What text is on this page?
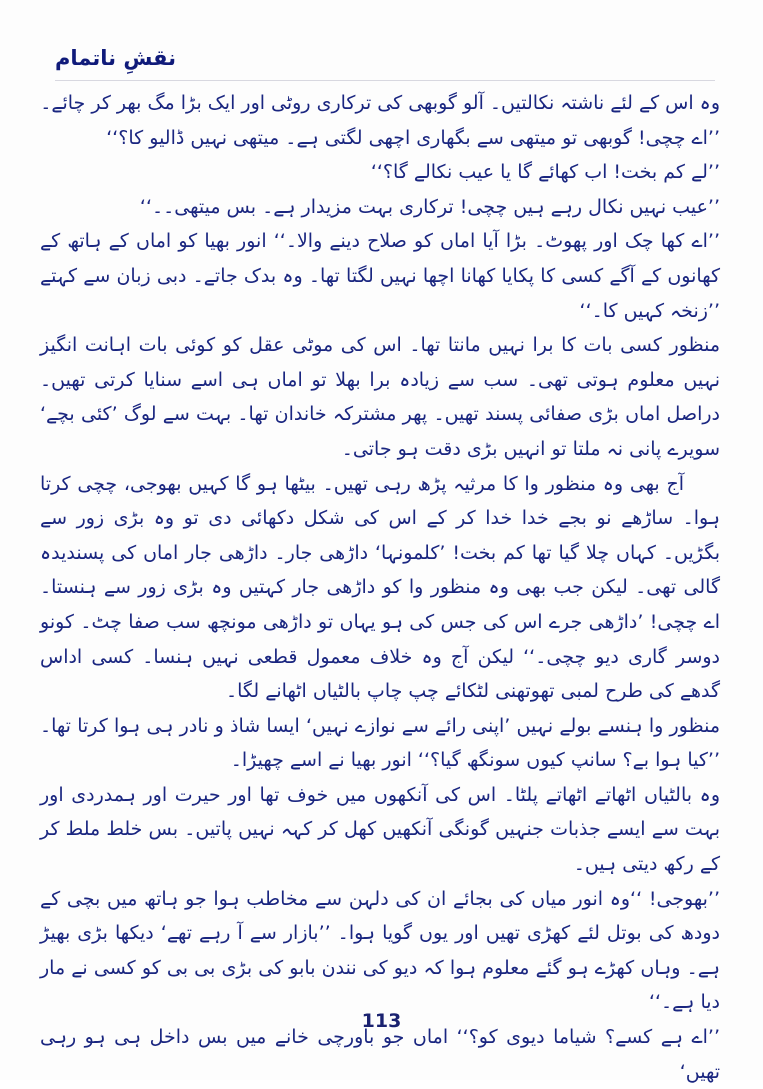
نقشِ ناتمام

وہ اس کے لئے ناشتہ نکالتیں۔ آلو گوبھی کی ترکاری روٹی اور ایک بڑا مگ بھر کر چائے۔

’’اے چچی! گوبھی تو میتھی سے بگھاری اچھی لگتی ہے۔ میتھی نہیں ڈالیو کا؟‘‘

’’لے کم بخت! اب کھائے گا یا عیب نکالے گا؟‘‘

’’عیب نہیں نکال رہے ہیں چچی! ترکاری بہت مزیدار ہے۔ بس میتھی۔۔‘‘

’’اے کھا چک اور پھوٹ۔ بڑا آیا اماں کو صلاح دینے والا۔‘‘ انور بھیا کو اماں کے ہاتھ کے کھانوں کے آگے کسی کا پکایا کھانا اچھا نہیں لگتا تھا۔ وہ بدک جاتے۔ دبی زبان سے کہتے ’’زنخہ کہیں کا۔‘‘

منظور کسی بات کا برا نہیں مانتا تھا۔ اس کی موٹی عقل کو کوئی بات اہانت انگیز نہیں معلوم ہوتی تھی۔ سب سے زیادہ برا بھلا تو اماں ہی اسے سنایا کرتی تھیں۔ دراصل اماں بڑی صفائی پسند تھیں۔ پھر مشترکہ خاندان تھا۔ بہت سے لوگ ’کئی بچے‘ سویرے پانی نہ ملتا تو انہیں بڑی دقت ہو جاتی۔

آج بھی وہ منظور وا کا مرثیہ پڑھ رہی تھیں۔ بیٹھا ہو گا کہیں بھوجی، چچی کرتا ہوا۔ ساڑھے نو بجے خدا خدا کر کے اس کی شکل دکھائی دی تو وہ بڑی زور سے بگڑیں۔ کہاں چلا گیا تھا کم بخت! ’کلمونہا‘ داڑھی جار۔ داڑھی جار اماں کی پسندیدہ گالی تھی۔ لیکن جب بھی وہ منظور وا کو داڑھی جار کہتیں وہ بڑی زور سے ہنستا۔ اے چچی! ’داڑھی جرے اس کی جس کی ہو یہاں تو داڑھی مونچھ سب صفا چٹ۔ کونو دوسر گاری دیو چچی۔‘‘ لیکن آج وہ خلاف معمول قطعی نہیں ہنسا۔ کسی اداس گدھے کی طرح لمبی تھوتھنی لٹکائے چپ چاپ بالٹیاں اٹھانے لگا۔

منظور وا ہنسے بولے نہیں ’اپنی رائے سے نوازے نہیں‘ ایسا شاذ و نادر ہی ہوا کرتا تھا۔ ’’کیا ہوا بے؟ سانپ کیوں سونگھ گیا؟‘‘ انور بھیا نے اسے چھیڑا۔

وہ بالٹیاں اٹھاتے اٹھاتے پلٹا۔ اس کی آنکھوں میں خوف تھا اور حیرت اور ہمدردی اور بہت سے ایسے جذبات جنہیں گونگی آنکھیں کھل کر کہہ نہیں پاتیں۔ بس خلط ملط کر کے رکھ دیتی ہیں۔

’’بھوجی! ‘‘وہ انور میاں کی بجائے ان کی دلہن سے مخاطب ہوا جو ہاتھ میں بچی کے دودھ کی بوتل لئے کھڑی تھیں اور یوں گویا ہوا۔ ’’بازار سے آ رہے تھے‘ دیکھا بڑی بھیڑ ہے۔ وہاں کھڑے ہو گئے معلوم ہوا کہ دیو کی نندن بابو کی بڑی بی بی کو کسی نے مار دیا ہے۔‘‘

’’اے ہے کسے؟ شیاما دیوی کو؟‘‘ اماں جو باورچی خانے میں بس داخل ہی ہو رہی تھیں‘

113
